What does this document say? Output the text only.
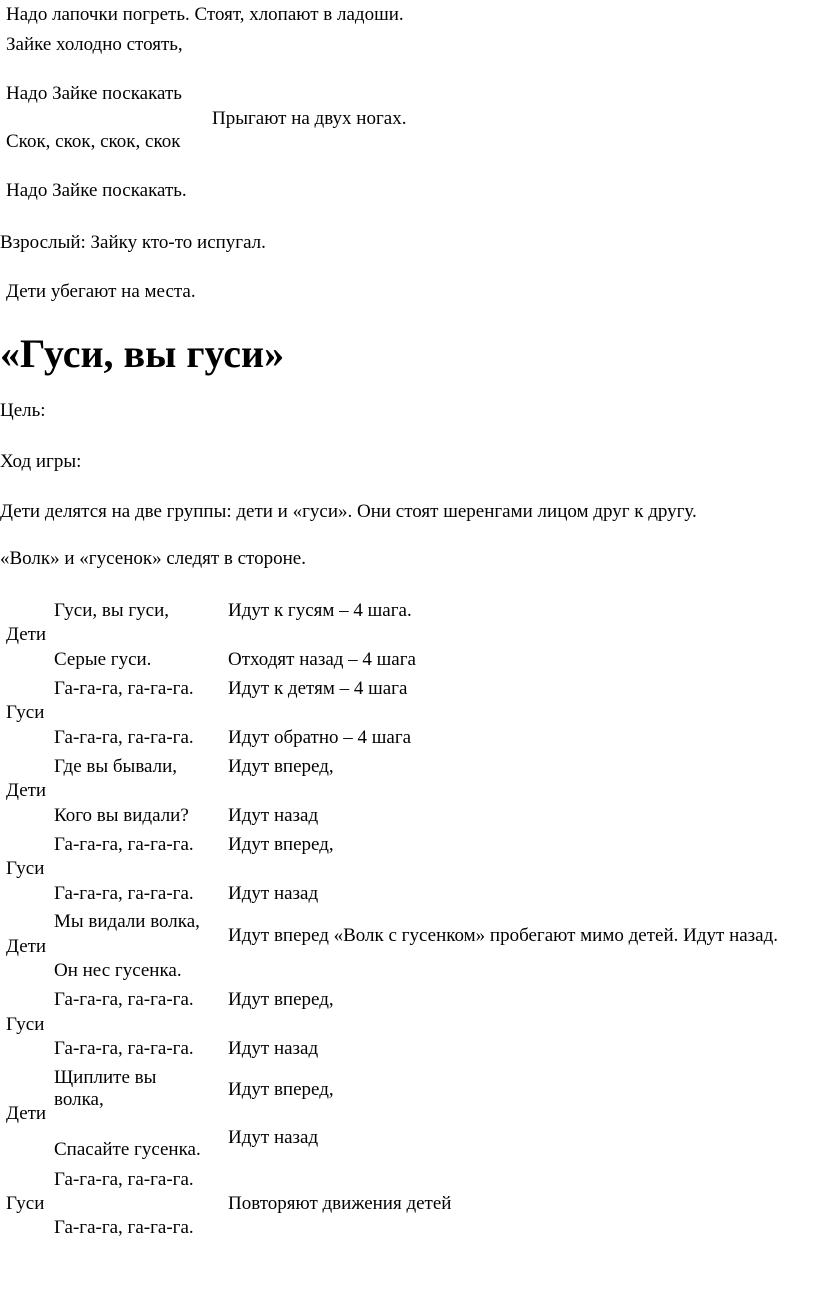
Надо лапочки погреть. Стоят, хлопают в ладоши.
Зайке холодно стоять,
Надо Зайке поскакать
Прыгают на двух ногах.
Скок, скок, скок, скок
Надо Зайке поскакать.
Взрослый: Зайку кто-то испугал.
Дети убегают на места.
«Гуси, вы гуси»
Цель:
Ход игры:
Дети делятся на две группы: дети и «гуси». Они стоят шеренгами лицом друг к другу.
«Волк» и «гусенок» следят в стороне.
Дети
Гуси, вы гуси,
Серые гуси.
Идут к гусям – 4 шага.
Отходят назад – 4 шага
Гуси
Га-га-га, га-га-га.
Га-га-га, га-га-га.
Идут к детям – 4 шага
Идут обратно – 4 шага
Дети
Где вы бывали,
Кого вы видали?
Идут вперед,
Идут назад
Гуси
Га-га-га, га-га-га.
Га-га-га, га-га-га.
Идут вперед,
Идут назад
Дети
Мы видали волка,
Он нес гусенка.
Идут вперед «Волк с гусенком» пробегают мимо детей. Идут назад.
Гуси
Га-га-га, га-га-га.
Га-га-га, га-га-га.
Идут вперед,
Идут назад
Дети
Щиплите вы волка,
Спасайте гусенка.
Идут вперед,
Идут назад
Гуси
Га-га-га, га-га-га.
Га-га-га, га-га-га.
Повторяют движения детей
